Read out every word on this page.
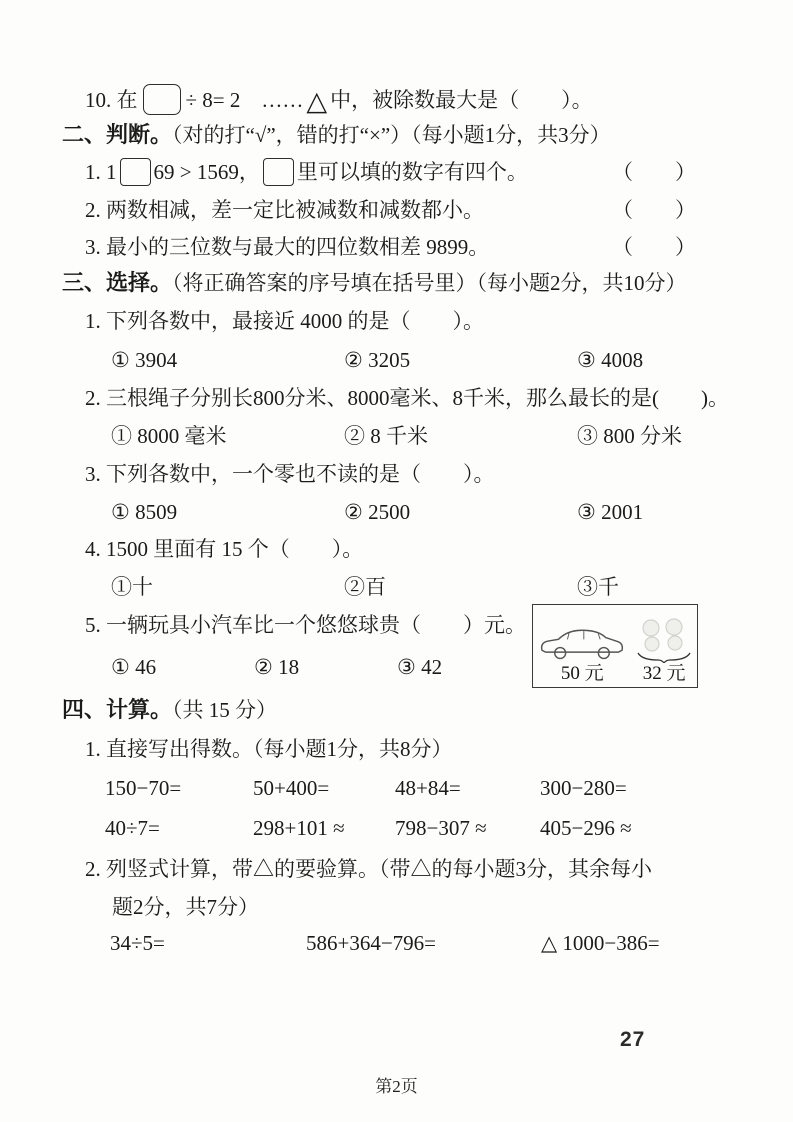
10. 在 ÷ 8= 2　…… △ 中，被除数最大是（　　）。
二、判断。（对的打“√”，错的打“×”）（每小题1分，共3分）
1. 1 69 > 1569， 里可以填的数字有四个。	（　　）
2. 两数相减，差一定比被减数和减数都小。	（　　）
3. 最小的三位数与最大的四位数相差 9899。	（　　）
三、选择。（将正确答案的序号填在括号里）（每小题2分，共10分）
1. 下列各数中，最接近 4000 的是（　　）。
① 3904	② 3205	③ 4008
2. 三根绳子分别长800分米、8000毫米、8千米，那么最长的是(　　)。
① 8000 毫米	② 8 千米	③ 800 分米
3. 下列各数中，一个零也不读的是（　　）。
① 8509	② 2500	③ 2001
4. 1500 里面有 15 个（　　）。
①十	②百	③千
5. 一辆玩具小汽车比一个悠悠球贵（　　）元。
① 46	② 18	③ 42	50 元 32 元
四、计算。（共 15 分）
1. 直接写出得数。（每小题1分，共8分）
150−70=	50+400=	48+84=	300−280=
40÷7=	298+101 ≈	798−307 ≈	405−296 ≈
2. 列竖式计算，带△的要验算。（带△的每小题3分，其余每小
题2分，共7分）
34÷5=	586+364−796=	△ 1000−386=
27
第2页
